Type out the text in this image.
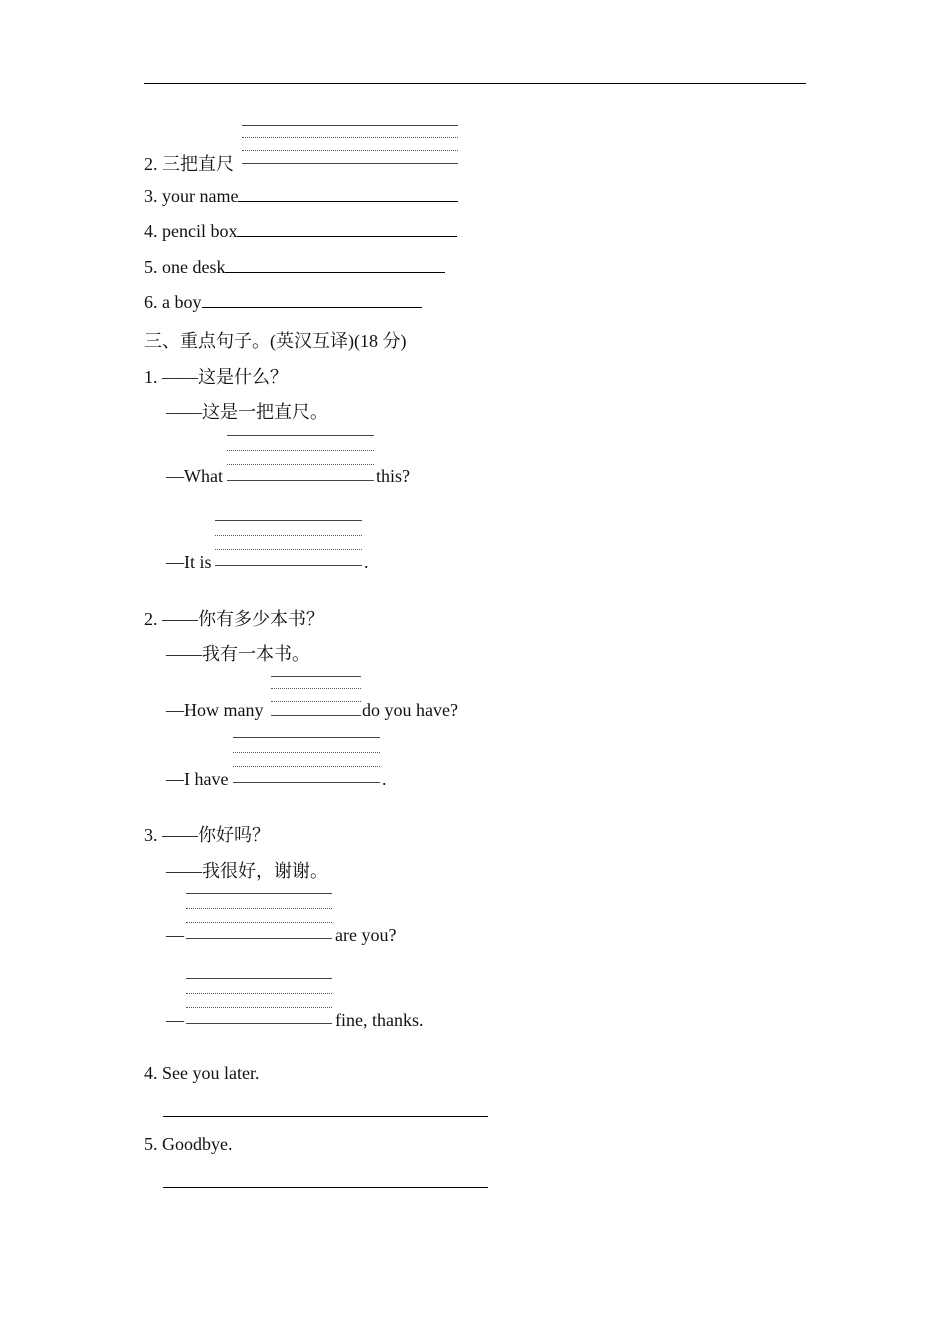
2. 三把直尺
3. your name
4. pencil box
5. one desk
6. a boy
三、重点句子。(英汉互译)(18 分)
1. ——这是什么？
——这是一把直尺。
—What	this?
—It is	.
2. ——你有多少本书？
——我有一本书。
—How many	do you have?
—I have	.
3. ——你好吗？
——我很好，谢谢。
—	are you?
—	fine, thanks.
4. See you later.
5. Goodbye.
